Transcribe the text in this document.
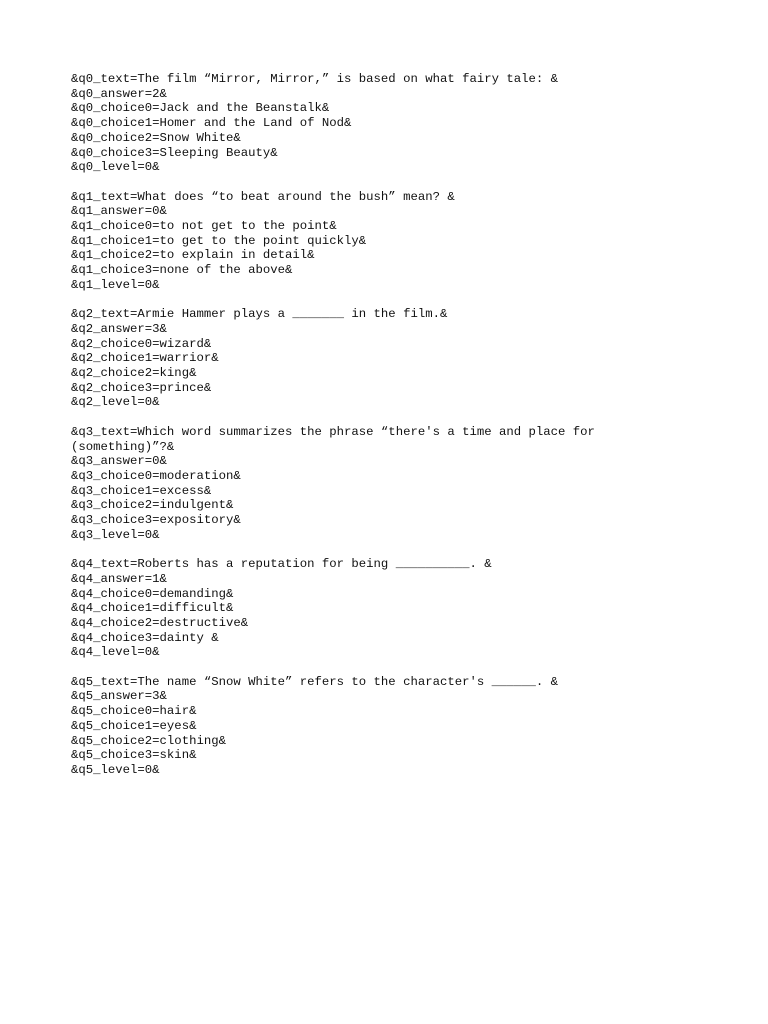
&q0_text=The film “Mirror, Mirror,” is based on what fairy tale: &
&q0_answer=2&
&q0_choice0=Jack and the Beanstalk&
&q0_choice1=Homer and the Land of Nod&
&q0_choice2=Snow White&
&q0_choice3=Sleeping Beauty&
&q0_level=0&
&q1_text=What does “to beat around the bush” mean? &
&q1_answer=0&
&q1_choice0=to not get to the point&
&q1_choice1=to get to the point quickly&
&q1_choice2=to explain in detail&
&q1_choice3=none of the above&
&q1_level=0&
&q2_text=Armie Hammer plays a _______ in the film.&
&q2_answer=3&
&q2_choice0=wizard&
&q2_choice1=warrior&
&q2_choice2=king&
&q2_choice3=prince&
&q2_level=0&
&q3_text=Which word summarizes the phrase “there's a time and place for
(something)”?&
&q3_answer=0&
&q3_choice0=moderation&
&q3_choice1=excess&
&q3_choice2=indulgent&
&q3_choice3=expository&
&q3_level=0&
&q4_text=Roberts has a reputation for being __________. &
&q4_answer=1&
&q4_choice0=demanding&
&q4_choice1=difficult&
&q4_choice2=destructive&
&q4_choice3=dainty &
&q4_level=0&
&q5_text=The name “Snow White” refers to the character's ______. &
&q5_answer=3&
&q5_choice0=hair&
&q5_choice1=eyes&
&q5_choice2=clothing&
&q5_choice3=skin&
&q5_level=0&
